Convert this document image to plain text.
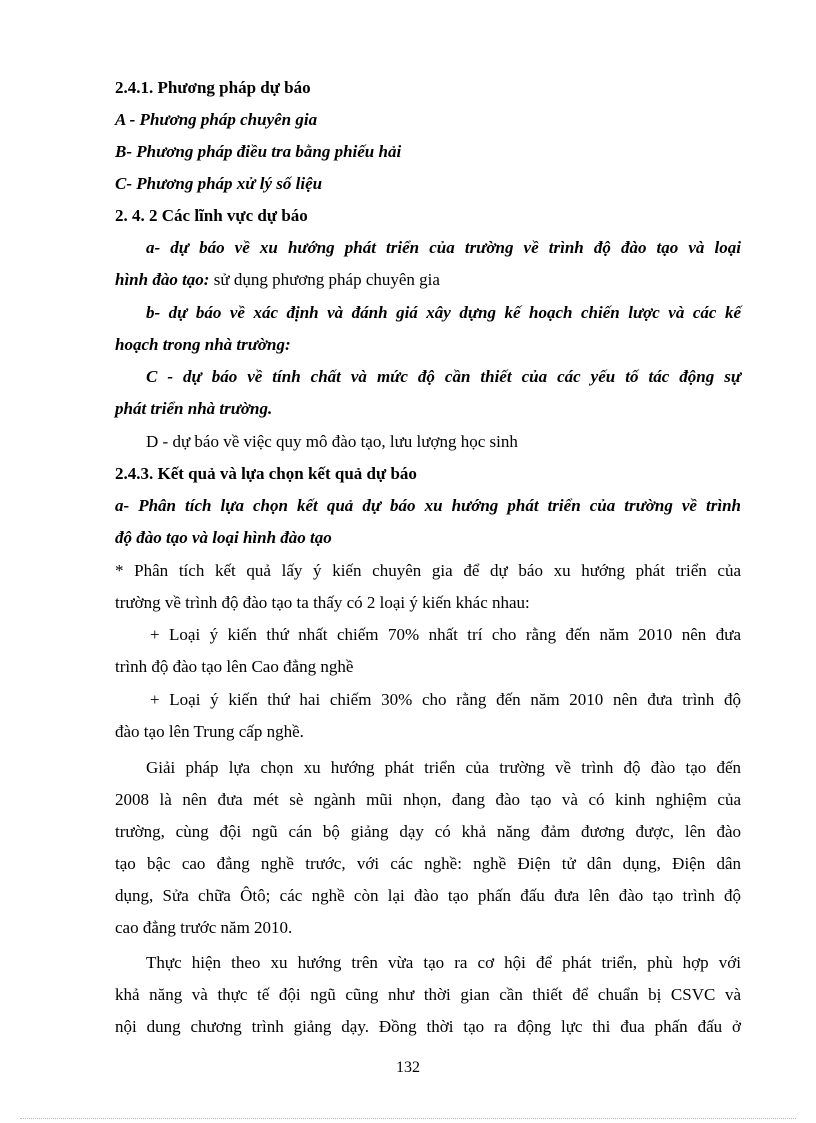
2.4.1. Phương pháp dự báo
A - Phương pháp chuyên gia
B- Phương pháp điều tra bằng phiếu hải
C- Phương pháp xử lý số liệu
2. 4. 2 Các lĩnh vực dự báo
a- dự báo về xu hướng phát triển của trường về trình độ đào tạo và loại
hình đào tạo: sử dụng phương pháp chuyên gia
b- dự báo về xác định và đánh giá xây dựng kế hoạch chiến lược và các kế
hoạch trong nhà trường:
C - dự báo về tính chất và mức độ cần thiết của các yếu tố tác động sự
phát triển nhà trường.
D - dự báo về việc quy mô đào tạo, lưu lượng học sinh
2.4.3. Kết quả và lựa chọn kết quả dự báo
a- Phân tích lựa chọn kết quả dự báo xu hướng phát triển của trường về trình
độ đào tạo và loại hình đào tạo
* Phân tích kết quả lấy ý kiến chuyên gia để dự báo xu hướng phát triển của
trường về trình độ đào tạo ta thấy có 2 loại ý kiến khác nhau:
+ Loại ý kiến thứ nhất chiếm 70% nhất trí cho rằng đến năm 2010 nên đưa
trình độ đào tạo lên Cao đẳng nghề
+ Loại ý kiến thứ hai chiếm 30% cho rằng đến năm 2010 nên đưa trình độ
đào tạo lên Trung cấp nghề.
Giải pháp lựa chọn xu hướng phát triển của trường về trình độ đào tạo đến
2008 là nên đưa mét sè ngành mũi nhọn, đang đào tạo và có kinh nghiệm của
trường, cùng đội ngũ cán bộ giảng dạy có khả năng đảm đương được, lên đào
tạo bậc cao đẳng nghề trước, với các nghề: nghề Điện tử dân dụng, Điện dân
dụng, Sửa chữa Ôtô; các nghề còn lại đào tạo phấn đấu đưa lên đào tạo trình độ
cao đẳng trước năm 2010.
Thực hiện theo xu hướng trên vừa tạo ra cơ hội để phát triển, phù hợp với
khả năng và thực tế đội ngũ cũng như thời gian cần thiết để chuẩn bị CSVC và
nội dung chương trình giảng dạy. Đồng thời tạo ra động lực thi đua phấn đấu ở
132
